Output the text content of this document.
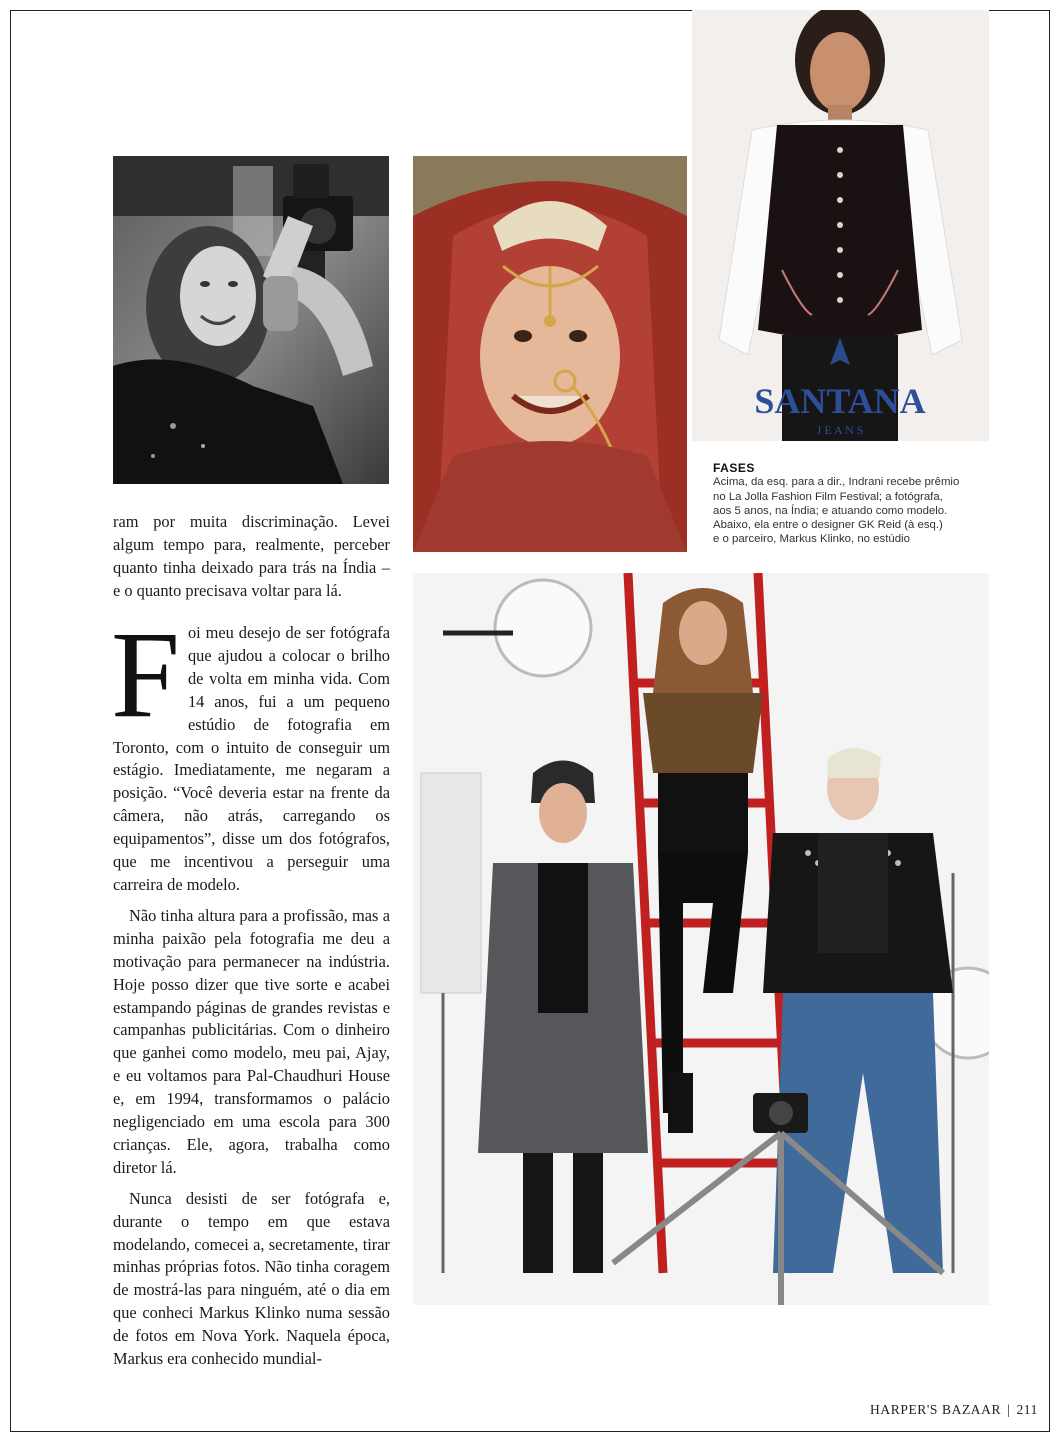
SANTANA
J E A N S
FASES
Acima, da esq. para a dir., Indrani recebe prêmio
no La Jolla Fashion Film Festival; a fotógrafa,
aos 5 anos, na Índia; e atuando como modelo.
Abaixo, ela entre o designer GK Reid (à esq.)
e o parceiro, Markus Klinko, no estúdio

ram por muita discriminação. Levei algum tempo para, realmente, perceber quanto tinha deixado para trás na Índia – e o quanto precisava voltar para lá.

F oi meu desejo de ser fotógrafa que ajudou a colocar o brilho de volta em minha vida. Com 14 anos, fui a um pequeno estúdio de fotografia em Toronto, com o intuito de conseguir um estágio. Imediatamente, me negaram a posição. “Você deveria estar na frente da câmera, não atrás, carregando os equipamentos”, disse um dos fotógrafos, que me incentivou a perseguir uma carreira de modelo.

Não tinha altura para a profissão, mas a minha paixão pela fotografia me deu a motivação para permanecer na indústria. Hoje posso dizer que tive sorte e acabei estampando páginas de grandes revistas e campanhas publicitárias. Com o dinheiro que ganhei como modelo, meu pai, Ajay, e eu voltamos para Pal-Chaudhuri House e, em 1994, transformamos o palácio negligenciado em uma escola para 300 crianças. Ele, agora, trabalha como diretor lá.

Nunca desisti de ser fotógrafa e, durante o tempo em que estava modelando, comecei a, secretamente, tirar minhas próprias fotos. Não tinha coragem de mostrá-las para ninguém, até o dia em que conheci Markus Klinko numa sessão de fotos em Nova York. Naquela época, Markus era conhecido mundial-

HARPER'S BAZAAR | 211
